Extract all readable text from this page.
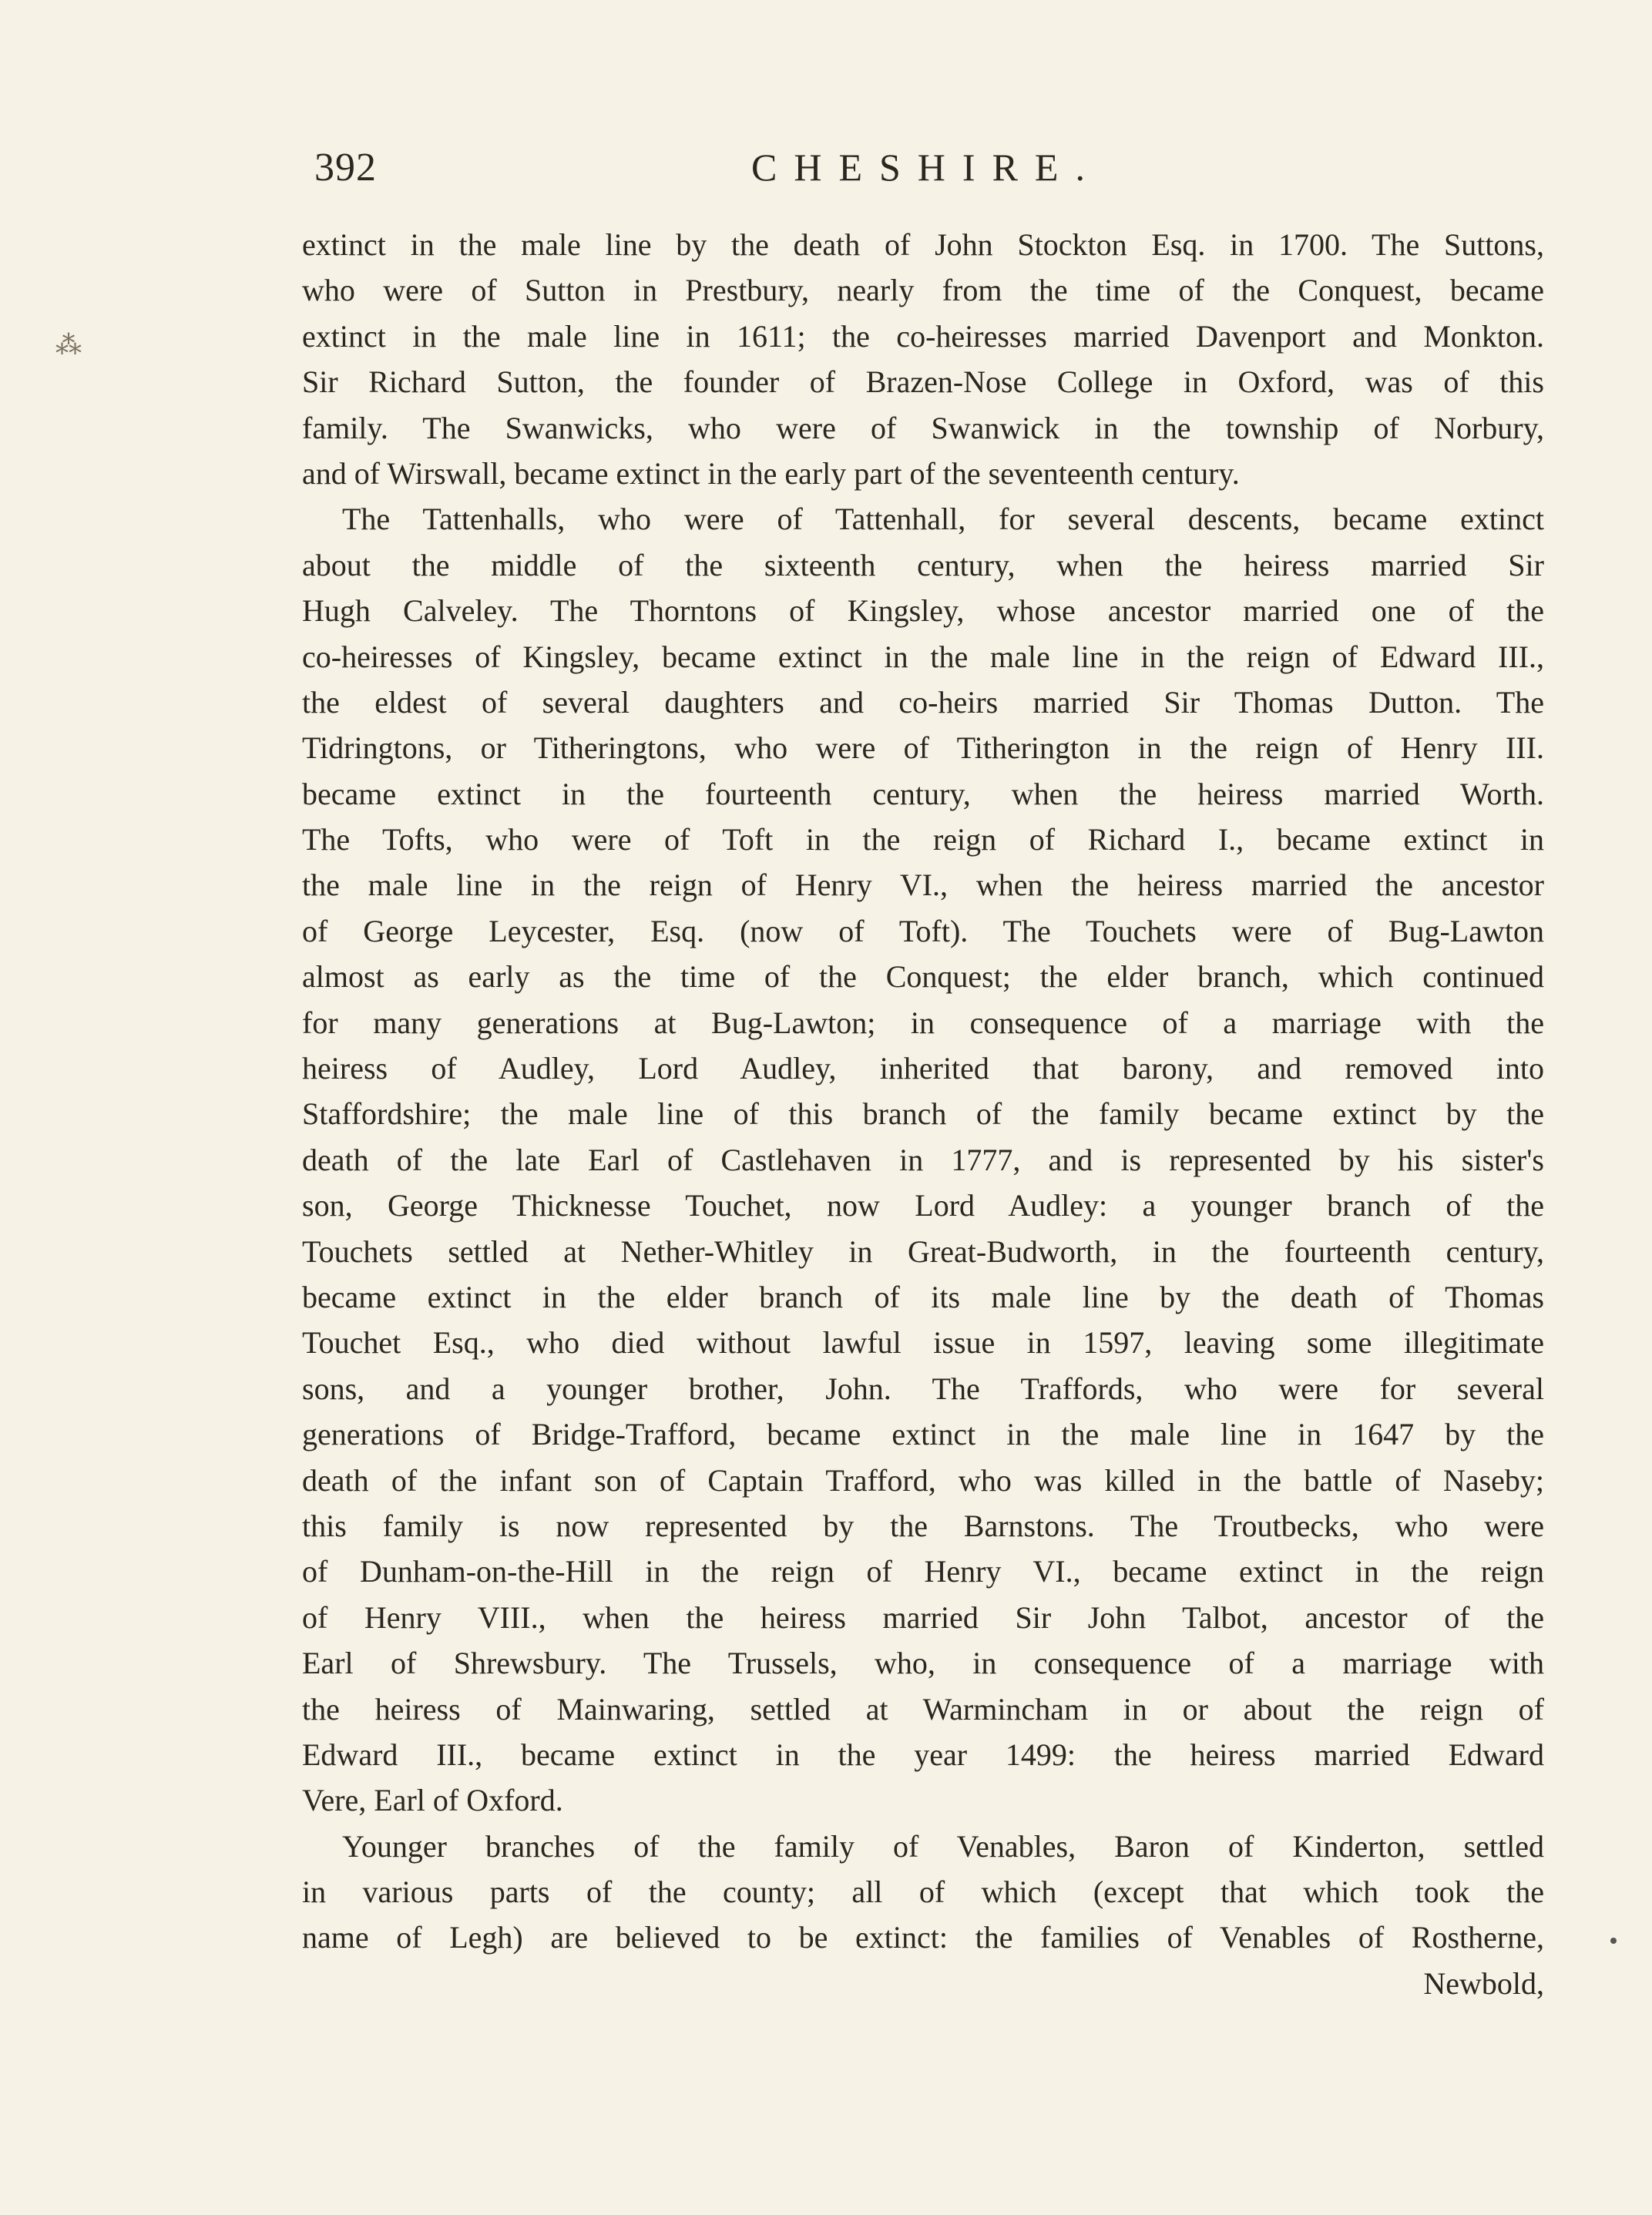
392	CHESHIRE.
⁂
extinct in the male line by the death of John Stockton Esq. in 1700. The Suttons,
who were of Sutton in Prestbury, nearly from the time of the Conquest, became
extinct in the male line in 1611; the co-heiresses married Davenport and Monkton.
Sir Richard Sutton, the founder of Brazen-Nose College in Oxford, was of this
family. The Swanwicks, who were of Swanwick in the township of Norbury,
and of Wirswall, became extinct in the early part of the seventeenth century.
The Tattenhalls, who were of Tattenhall, for several descents, became extinct
about the middle of the sixteenth century, when the heiress married Sir
Hugh Calveley. The Thorntons of Kingsley, whose ancestor married one of the
co-heiresses of Kingsley, became extinct in the male line in the reign of Edward III.,
the eldest of several daughters and co-heirs married Sir Thomas Dutton. The
Tidringtons, or Titheringtons, who were of Titherington in the reign of Henry III.
became extinct in the fourteenth century, when the heiress married Worth.
The Tofts, who were of Toft in the reign of Richard I., became extinct in
the male line in the reign of Henry VI., when the heiress married the ancestor
of George Leycester, Esq. (now of Toft). The Touchets were of Bug-Lawton
almost as early as the time of the Conquest; the elder branch, which continued
for many generations at Bug-Lawton; in consequence of a marriage with the
heiress of Audley, Lord Audley, inherited that barony, and removed into
Staffordshire; the male line of this branch of the family became extinct by the
death of the late Earl of Castlehaven in 1777, and is represented by his sister's
son, George Thicknesse Touchet, now Lord Audley: a younger branch of the
Touchets settled at Nether-Whitley in Great-Budworth, in the fourteenth century,
became extinct in the elder branch of its male line by the death of Thomas
Touchet Esq., who died without lawful issue in 1597, leaving some illegitimate
sons, and a younger brother, John. The Traffords, who were for several
generations of Bridge-Trafford, became extinct in the male line in 1647 by the
death of the infant son of Captain Trafford, who was killed in the battle of Naseby;
this family is now represented by the Barnstons. The Troutbecks, who were
of Dunham-on-the-Hill in the reign of Henry VI., became extinct in the reign
of Henry VIII., when the heiress married Sir John Talbot, ancestor of the
Earl of Shrewsbury. The Trussels, who, in consequence of a marriage with
the heiress of Mainwaring, settled at Warmincham in or about the reign of
Edward III., became extinct in the year 1499: the heiress married Edward
Vere, Earl of Oxford.
Younger branches of the family of Venables, Baron of Kinderton, settled
in various parts of the county; all of which (except that which took the
name of Legh) are believed to be extinct: the families of Venables of Rostherne,
Newbold,
